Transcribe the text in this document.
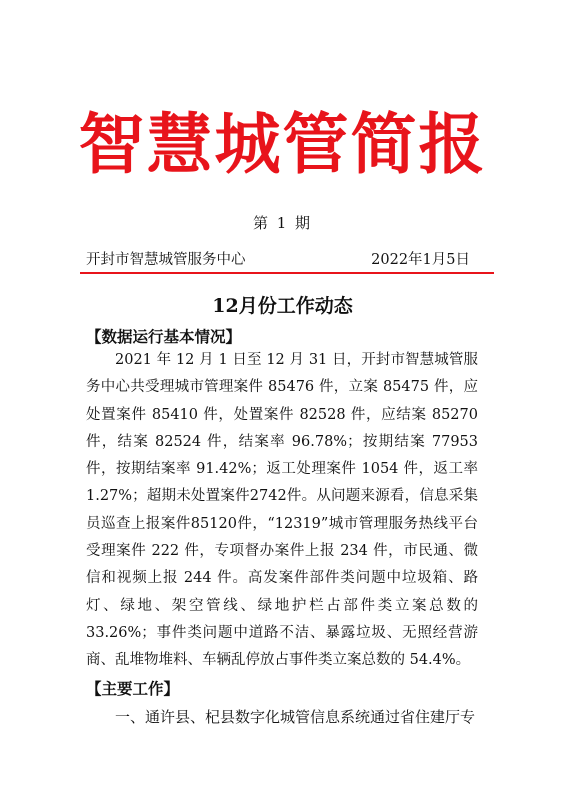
智慧城管简报
第 1 期
开封市智慧城管服务中心	2022年1月5日
12月份工作动态
【数据运行基本情况】

2021 年 12 月 1 日至 12 月 31 日，开封市智慧城管服务中心共受理城市管理案件 85476 件，立案 85475 件，应处置案件 85410 件，处置案件 82528 件，应结案 85270 件，结案 82524 件，结案率 96.78%；按期结案 77953 件，按期结案率 91.42%；返工处理案件 1054 件，返工率 1.27%；超期未处置案件2742件。从问题来源看，信息采集员巡查上报案件85120件，“12319”城市管理服务热线平台受理案件 222 件，专项督办案件上报 234 件，市民通、微信和视频上报 244 件。高发案件部件类问题中垃圾箱、路灯、绿地、架空管线、绿地护栏占部件类立案总数的 33.26%；事件类问题中道路不洁、暴露垃圾、无照经营游商、乱堆物堆料、车辆乱停放占事件类立案总数的 54.4%。

【主要工作】

一、通许县、杞县数字化城管信息系统通过省住建厅专
